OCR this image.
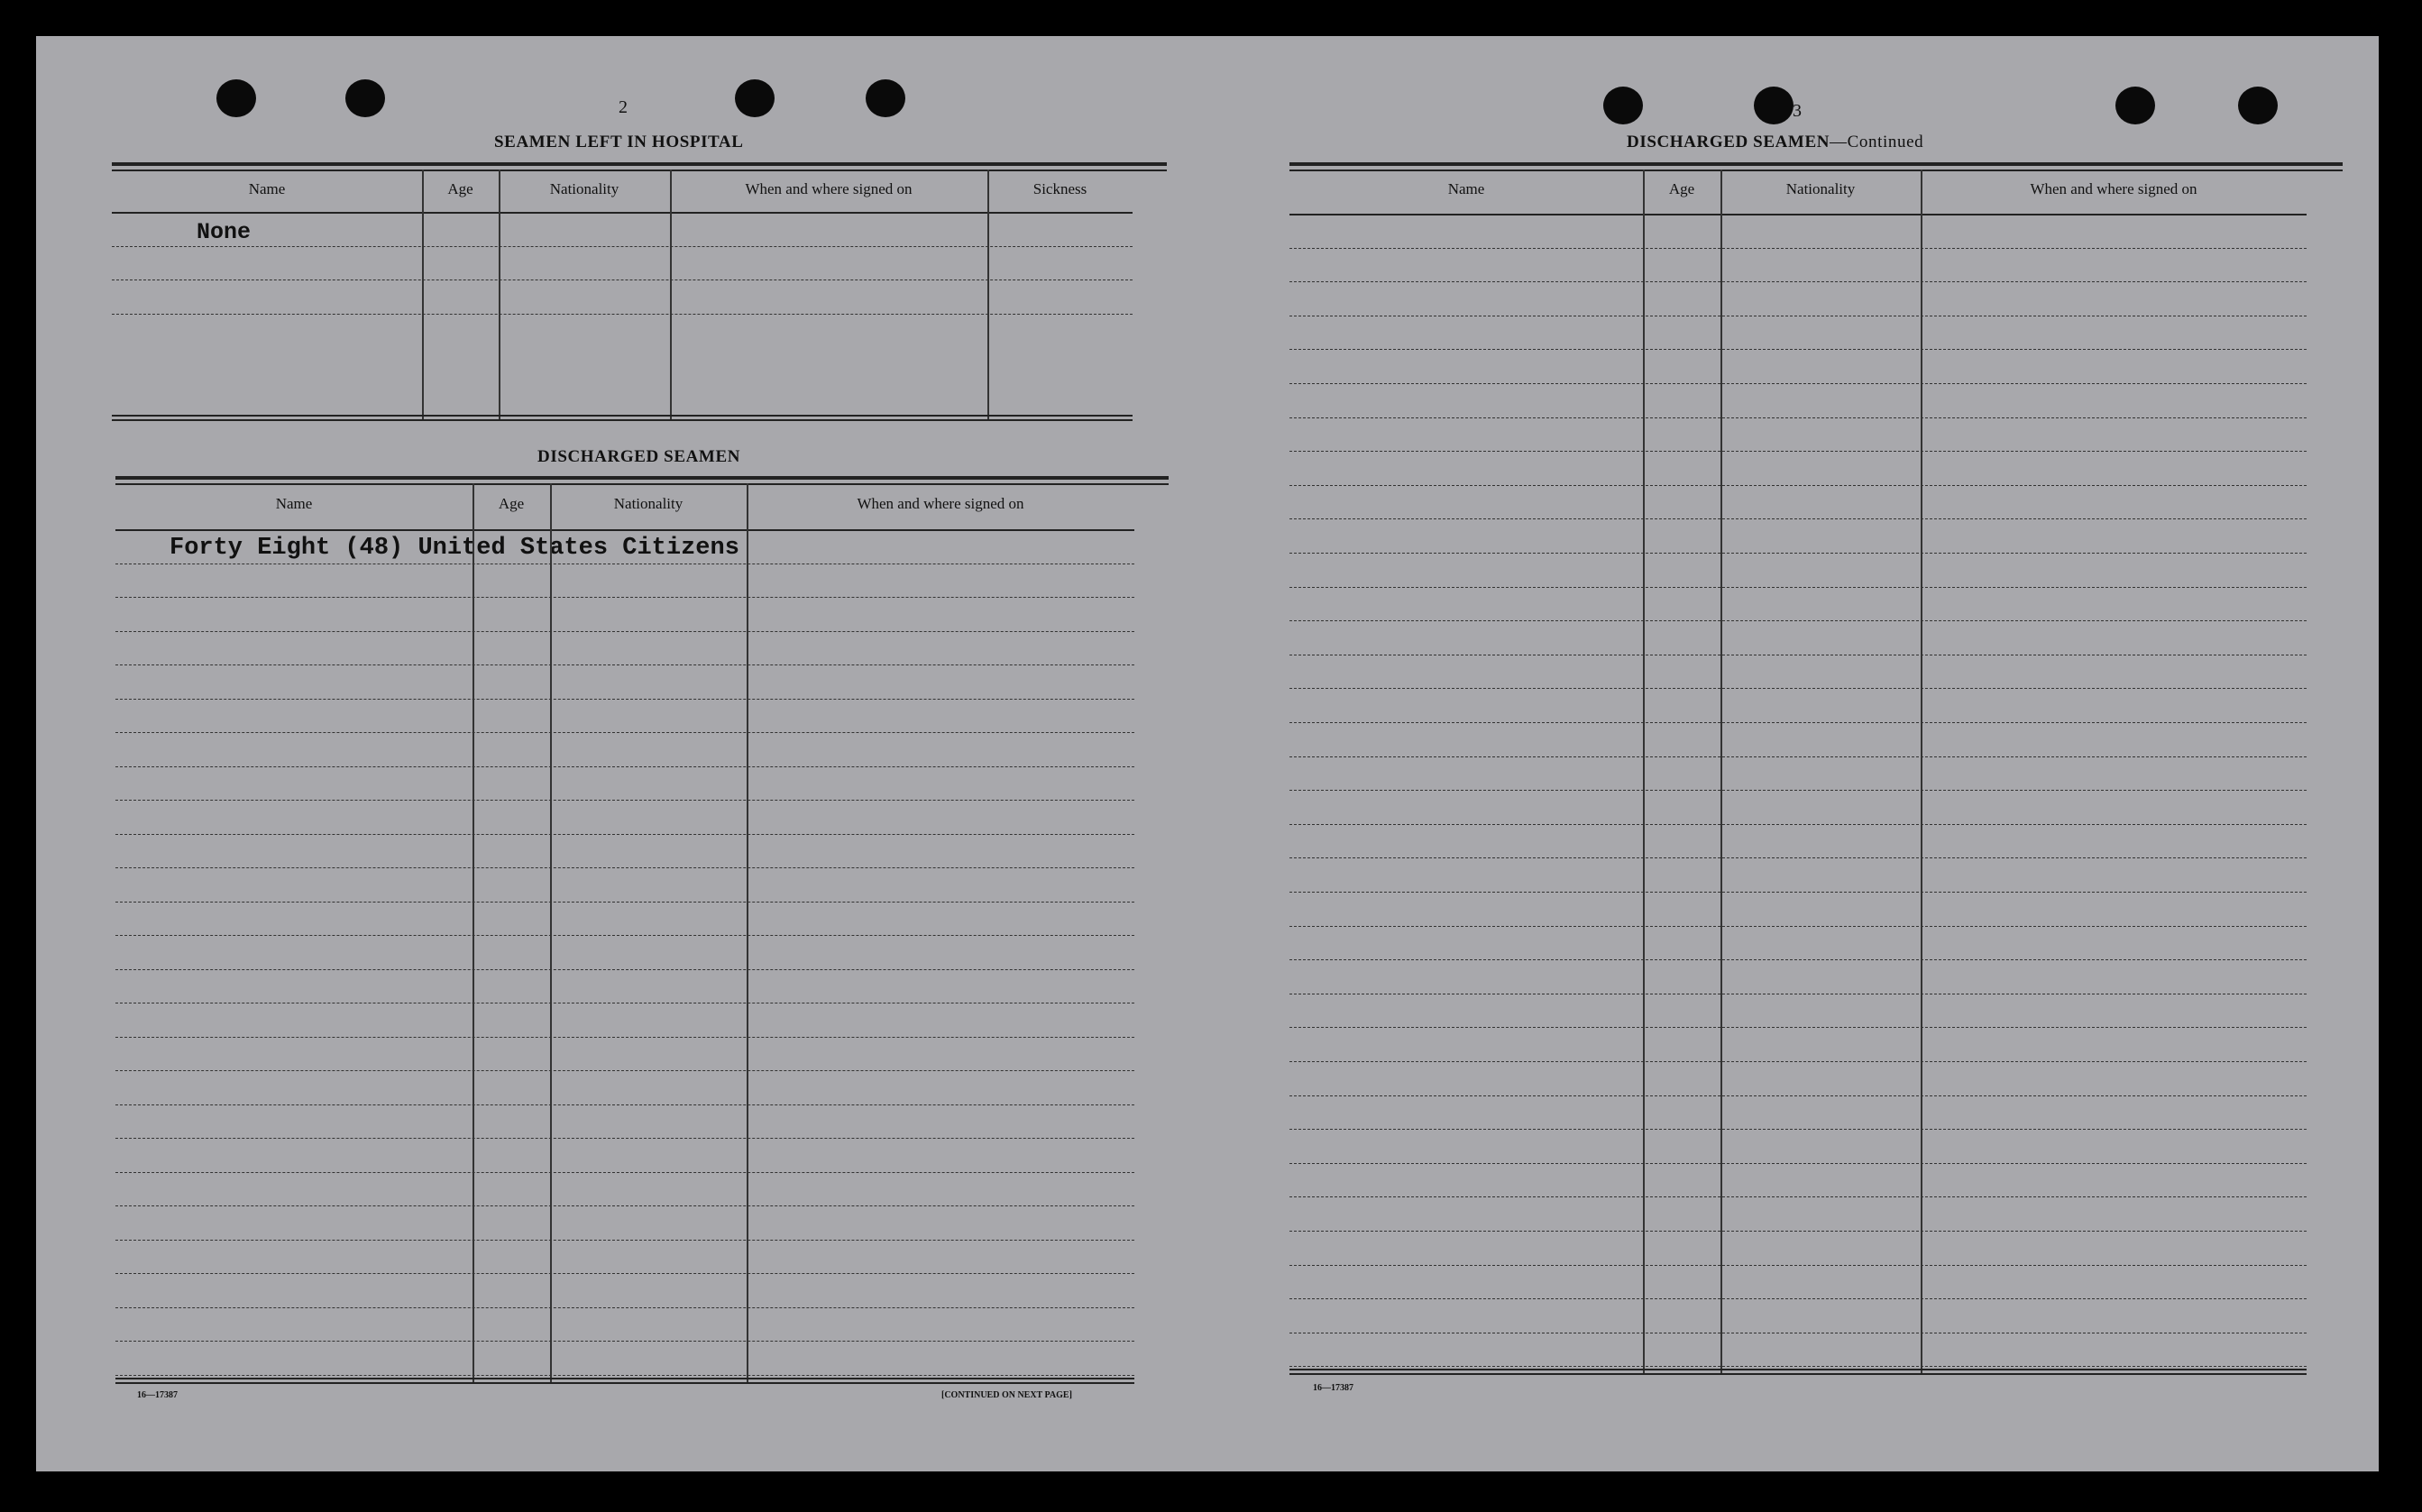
2
SEAMEN LEFT IN HOSPITAL
None
DISCHARGED SEAMEN
Forty Eight (48) United States Citizens
16—17387	[CONTINUED ON NEXT PAGE]
3
DISCHARGED SEAMEN—Continued
16—17387
Name	Age	Nationality	When and where signed on	Sickness
Name	Age	Nationality	When and where signed on
Name	Age	Nationality	When and where signed on
